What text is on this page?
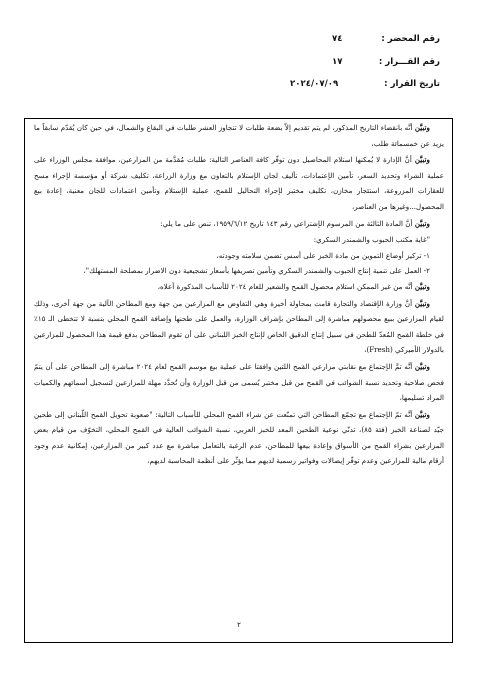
رقم المحضر :
٧٤
رقم القـــرار :
١٧
تاريخ القرار :
٢٠٢٤/٠٧/٠٩

وتبيَّن أنَّه بانقضاء التاريخ المذكور، لم يتم تقديم إلاّ بضعة طلبات لا تتجاوز العشر طلبات في البقاع والشمال، في حين كان يُقدّم سابقاً ما يزيد عن خمسمائة طلب،

وتبيَّن أنَّ الإدارة لا يُمكنها استلام المحاصيل دون توفّر كافة العناصر التالية: طلبات مُقدَّمة من المزارعين، موافقة مجلس الوزراء على عملية الشراء وتحديد السعر، تأمين الإعتمادات، تأليف لجان الإستلام بالتعاون مع وزارة الزراعة، تكليف شركة أو مؤسسة لإجراء مسح للعقارات المزروعة، استئجار مخازن، تكليف مختبر لإجراء التحاليل للقمح، عملية الإستلام وتأمين اعتمادات للجان معنية، إعادة بيع المحصول...وغيرها من العناصر،

وتبيَّن أنَّ المادة الثالثة من المرسوم الإشتراعي رقم ١٤٣ تاريخ ١٩٥٩/٦/١٢، تنص على ما يلي:

"غاية مكتب الحبوب والشمندر السكري:

١- تركيز أوضاع التموين من مادة الخبز على أسس تضمن سلامته وجودته،

٢- العمل على تنمية إنتاج الحبوب والشمندر السكري وتأمين تصريفها بأسعار تشجيعية دون الاضرار بمصلحة المستهلك"،

وتبيَّن أنَّه من غير الممكن استلام محصول القمح والشعير للعام ٢٠٢٤ للأسباب المذكورة أعلاه،

وتبيَّن أنَّ وزارة الإقتصاد والتجارة قامت بمحاولة أخيرة وهي التفاوض مع المزارعين من جهة ومع المطاحن الآلية من جهة أخرى، وذلك لقيام المزارعين ببيع محصولهم مباشرة إلى المطاحن بإشراف الوزارة، والعمل على طحنها وإضافة القمح المحلي بنسبة لا تتخطى الـ ١٥٪ في خلطة القمح المُعدّ للطحن في سبيل إنتاج الدقيق الخاص لإنتاج الخبز اللبناني على أن تقوم المطاحن بدفع قيمة هذا المحصول للمزارعين بالدولار الأميركي (Fresh)،

وتبيَّن أنَّه تمَّ الإجتماع مع نقابتي مزارعي القمح اللتين وافقتا على عملية بيع موسم القمح لعام ٢٠٢٤ مباشرة إلى المطاحن على أن يتمّ فحص صلاحية وتحديد نسبة الشوائب في القمح من قبل مختبر يُسمى من قبل الوزارة وأن تُحدَّد مهلة للمزارعين لتسجيل أسمائهم والكميات المراد تسليمها،

وتبيَّن أنَّه تمّ الإجتماع مع تجمّع المطاحن التي تمنّعت عن شراء القمح المحلي للأسباب التالية: "صعوبة تحويل القمح اللّبناني إلى طحين جيّد لصناعة الخبز (فئة ٨٥)، تدنّي نوعية الطحين المعد للخبز العربي، نسبة الشوائب العالية في القمح المحلي، التخوّف من قيام بعض المزارعين بشراء القمح من الأسواق وإعادة بيعها للمطاحن، عدم الرغبة بالتعامل مباشرة مع عدد كبير من المزارعين، إمكانية عدم وجود أرقام مالية للمزارعين وعدم توفّر إيصالات وفواتير رسمية لديهم مما يؤثّر على أنظمة المحاسبة لديهم،

٢
